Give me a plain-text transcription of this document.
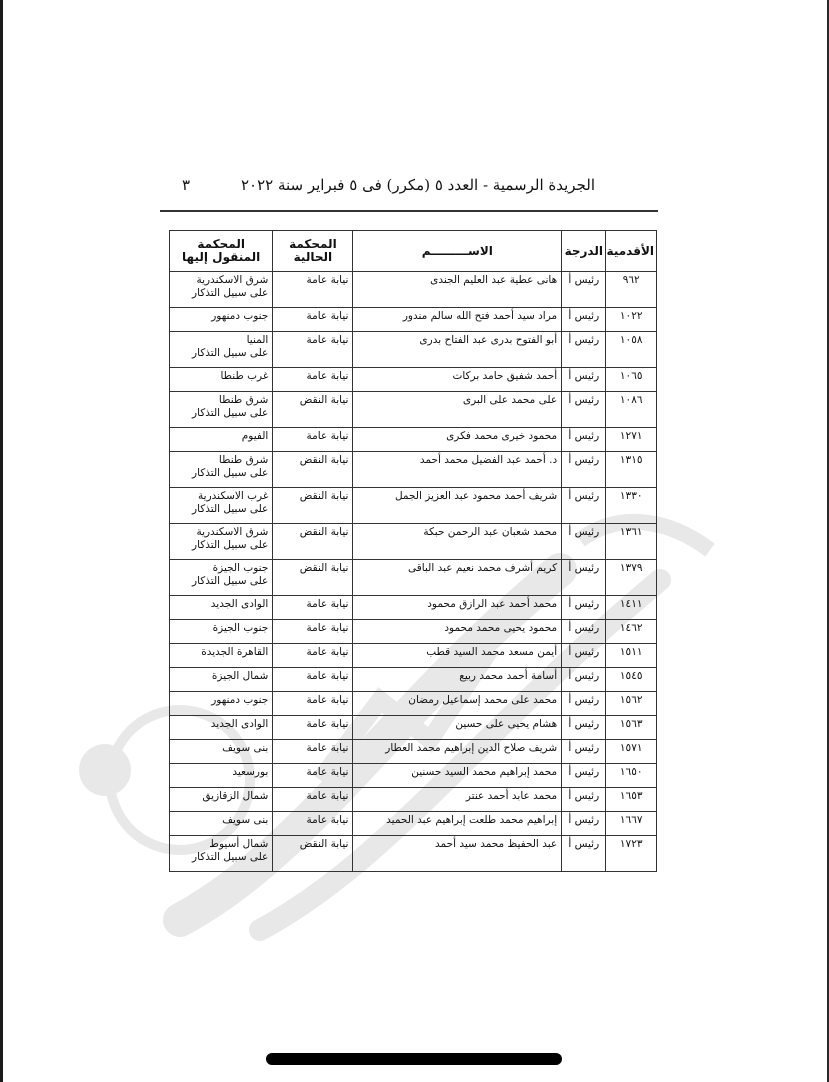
الجريدة الرسمية - العدد ٥ (مكرر) فى ٥ فبراير سنة ٢٠٢٢
٣
الأقدمية	الدرجة	الاســـــــــم	المحكمة الحالية	المحكمة المنقول إليها
٩٦٢	رئيس أ	هانى عطية عبد العليم الجندى	نيابة عامة	شرق الاسكندرية
على سبيل التذكار

١٠٢٢	رئيس أ	مراد سيد أحمد فتح الله سالم مندور	نيابة عامة	جنوب دمنهور

١٠٥٨	رئيس أ	أبو الفتوح بدرى عبد الفتاح بدرى	نيابة عامة	المنيا
على سبيل التذكار

١٠٦٥	رئيس أ	أحمد شفيق حامد بركات	نيابة عامة	غرب طنطا

١٠٨٦	رئيس أ	على محمد على البرى	نيابة النقض	شرق طنطا
على سبيل التذكار

١٢٧١	رئيس أ	محمود خيرى محمد فكرى	نيابة عامة	الفيوم

١٣١٥	رئيس أ	د. أحمد عبد الفضيل محمد أحمد	نيابة النقض	شرق طنطا
على سبيل التذكار

١٣٣٠	رئيس أ	شريف أحمد محمود عبد العزيز الجمل	نيابة النقض	غرب الاسكندرية
على سبيل التذكار

١٣٦١	رئيس أ	محمد شعبان عبد الرحمن حبكة	نيابة النقض	شرق الاسكندرية
على سبيل التذكار

١٣٧٩	رئيس أ	كريم أشرف محمد نعيم عبد الباقى	نيابة النقض	جنوب الجيزة
على سبيل التذكار

١٤١١	رئيس أ	محمد أحمد عبد الرازق محمود	نيابة عامة	الوادى الجديد

١٤٦٢	رئيس أ	محمود يحيى محمد محمود	نيابة عامة	جنوب الجيزة

١٥١١	رئيس أ	أيمن مسعد محمد السيد قطب	نيابة عامة	القاهرة الجديدة

١٥٤٥	رئيس أ	أسامة أحمد محمد ربيع	نيابة عامة	شمال الجيزة

١٥٦٢	رئيس أ	محمد على محمد إسماعيل رمضان	نيابة عامة	جنوب دمنهور

١٥٦٣	رئيس أ	هشام يحيى على حسين	نيابة عامة	الوادى الجديد

١٥٧١	رئيس أ	شريف صلاح الدين إبراهيم محمد العطار	نيابة عامة	بنى سويف

١٦٥٠	رئيس أ	محمد إبراهيم محمد السيد حسنين	نيابة عامة	بورسعيد

١٦٥٣	رئيس أ	محمد عابد أحمد عنتر	نيابة عامة	شمال الزقازيق

١٦٦٧	رئيس أ	إبراهيم محمد طلعت إبراهيم عبد الحميد	نيابة عامة	بنى سويف

١٧٢٣	رئيس أ	عبد الحفيظ محمد سيد أحمد	نيابة النقض	شمال أسيوط
على سبيل التذكار
